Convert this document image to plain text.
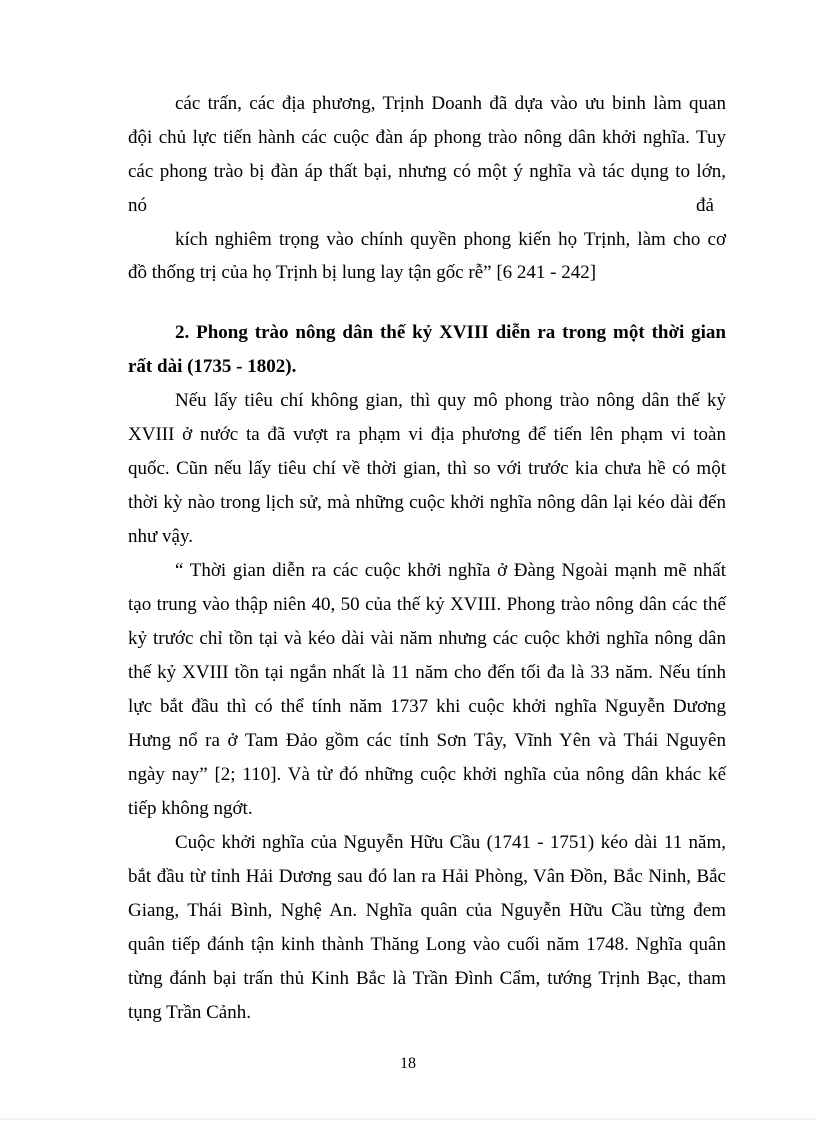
các trấn, các địa phương, Trịnh Doanh đã dựa vào ưu binh làm quan
đội chủ lực tiến hành các cuộc đàn áp phong trào nông dân khởi nghĩa. Tuy
các phong trào bị đàn áp thất bại, nhưng có một ý nghĩa và tác dụng to lớn,
nó	đả
kích nghiêm trọng vào chính quyền phong kiến họ Trịnh, làm cho cơ
đồ thống trị của họ Trịnh bị lung lay tận gốc rễ” [6 241 - 242]
2. Phong trào nông dân thế kỷ XVIII diễn ra trong một thời gian
rất dài (1735 - 1802).
Nếu lấy tiêu chí không gian, thì quy mô phong trào nông dân thế kỷ
XVIII ở nước ta đã vượt ra phạm vi địa phương để tiến lên phạm vi toàn
quốc. Cũn nếu lấy tiêu chí về thời gian, thì so với trước kia chưa hề có một
thời kỳ nào trong lịch sử, mà những cuộc khởi nghĩa nông dân lại kéo dài đến
như vậy.
“ Thời gian diễn ra các cuộc khởi nghĩa ở Đàng Ngoài mạnh mẽ nhất
tạo trung vào thập niên 40, 50 của thế kỷ XVIII. Phong trào nông dân các thế
kỷ trước chỉ tồn tại và kéo dài vài năm nhưng các cuộc khởi nghĩa nông dân
thế kỷ XVIII tồn tại ngắn nhất là 11 năm cho đến tối đa là 33 năm. Nếu tính
lực bắt đầu thì có thể tính năm 1737 khi cuộc khởi nghĩa Nguyễn Dương
Hưng nổ ra ở Tam Đảo gồm các tỉnh Sơn Tây, Vĩnh Yên và Thái Nguyên
ngày nay” [2; 110]. Và từ đó những cuộc khởi nghĩa của nông dân khác kế
tiếp không ngớt.
Cuộc khởi nghĩa của Nguyễn Hữu Cầu (1741 - 1751) kéo dài 11 năm,
bắt đầu từ tỉnh Hải Dương sau đó lan ra Hải Phòng, Vân Đồn, Bắc Ninh, Bắc
Giang, Thái Bình, Nghệ An. Nghĩa quân của Nguyễn Hữu Cầu từng đem
quân tiếp đánh tận kinh thành Thăng Long vào cuối năm 1748. Nghĩa quân
từng đánh bại trấn thủ Kinh Bắc là Trần Đình Cẩm, tướng Trịnh Bạc, tham
tụng Trần Cảnh.
18
